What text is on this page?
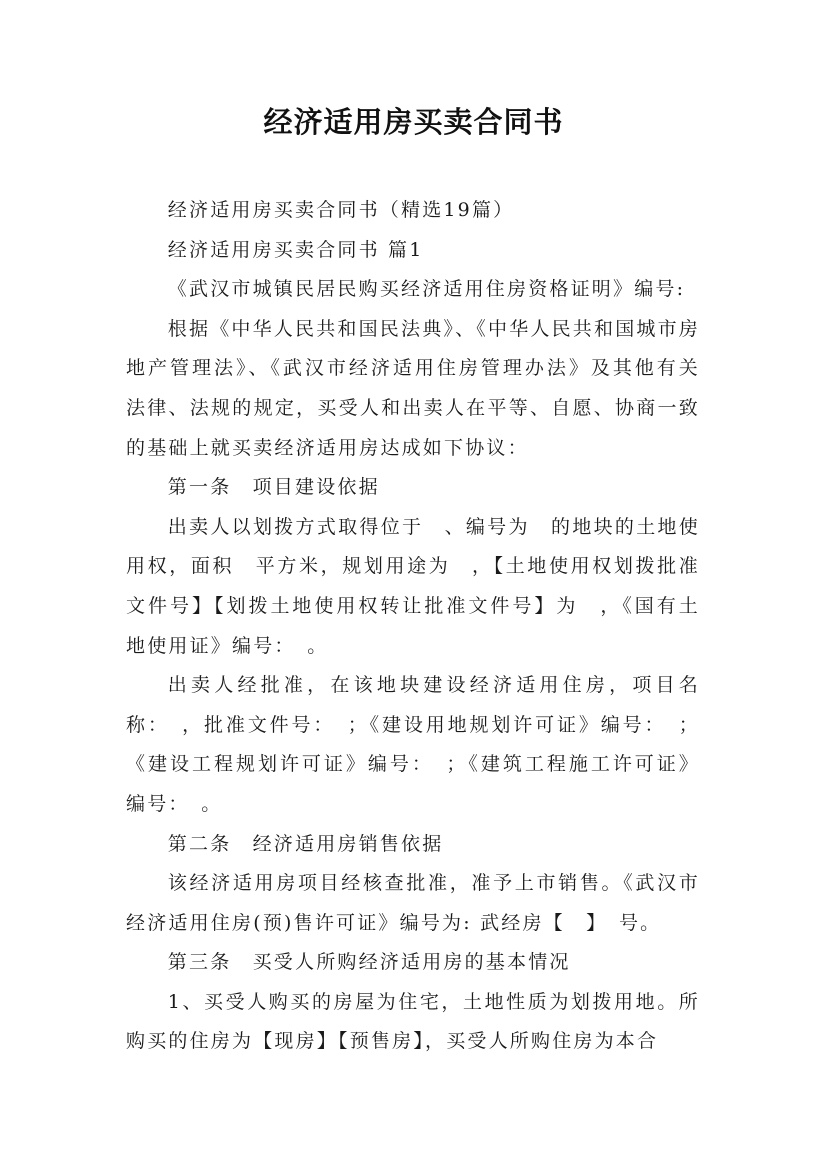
经济适用房买卖合同书

经济适用房买卖合同书（精选19篇）

经济适用房买卖合同书 篇1

《武汉市城镇民居民购买经济适用住房资格证明》编号:

根据《中华人民共和国民法典》、《中华人民共和国城市房地产管理法》、《武汉市经济适用住房管理办法》及其他有关法律、法规的规定，买受人和出卖人在平等、自愿、协商一致的基础上就买卖经济适用房达成如下协议：

第一条　项目建设依据

出卖人以划拨方式取得位于　、编号为　的地块的土地使用权，面积　平方米，规划用途为　，【土地使用权划拨批准文件号】【划拨土地使用权转让批准文件号】为　，《国有土地使用证》编号：　。

出卖人经批准，在该地块建设经济适用住房，项目名称：　，批准文件号：　；《建设用地规划许可证》编号：　；《建设工程规划许可证》编号：　；《建筑工程施工许可证》编号：　。

第二条　经济适用房销售依据

该经济适用房项目经核查批准，准予上市销售。《武汉市经济适用住房(预)售许可证》编号为: 武经房【　】　号。

第三条　买受人所购经济适用房的基本情况

1、买受人购买的房屋为住宅，土地性质为划拨用地。所购买的住房为【现房】【预售房】，买受人所购住房为本合
